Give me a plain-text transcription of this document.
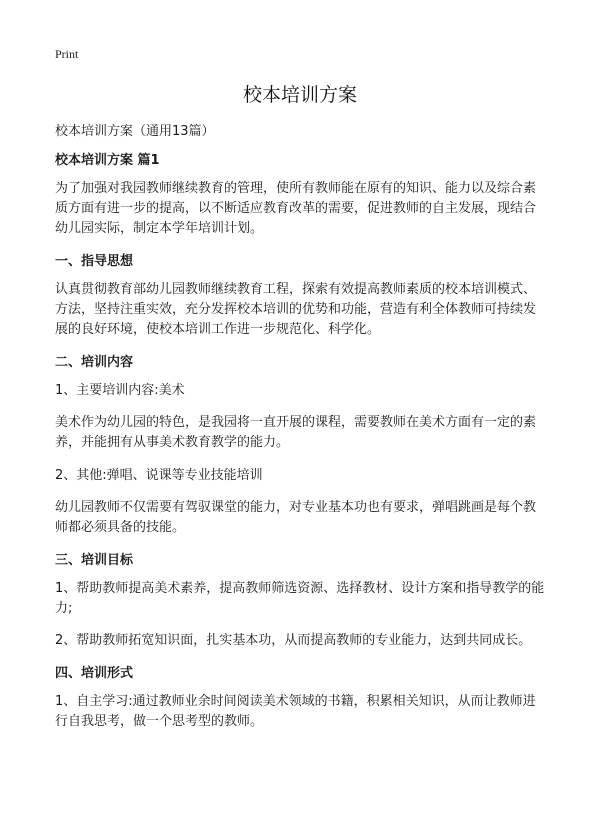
Print
校本培训方案

校本培训方案（通用13篇）

校本培训方案 篇1

为了加强对我园教师继续教育的管理，使所有教师能在原有的知识、能力以及综合素质方面有进一步的提高，以不断适应教育改革的需要，促进教师的自主发展，现结合幼儿园实际，制定本学年培训计划。

一、指导思想

认真贯彻教育部幼儿园教师继续教育工程，探索有效提高教师素质的校本培训模式、方法，坚持注重实效，充分发挥校本培训的优势和功能，营造有利全体教师可持续发展的良好环境，使校本培训工作进一步规范化、科学化。

二、培训内容

1、主要培训内容:美术

美术作为幼儿园的特色，是我园将一直开展的课程，需要教师在美术方面有一定的素养，并能拥有从事美术教育教学的能力。

2、其他:弹唱、说课等专业技能培训

幼儿园教师不仅需要有驾驭课堂的能力，对专业基本功也有要求，弹唱跳画是每个教师都必须具备的技能。

三、培训目标

1、帮助教师提高美术素养，提高教师筛选资源、选择教材、设计方案和指导教学的能力;

2、帮助教师拓宽知识面，扎实基本功，从而提高教师的专业能力，达到共同成长。

四、培训形式

1、自主学习:通过教师业余时间阅读美术领域的书籍，积累相关知识，从而让教师进行自我思考，做一个思考型的教师。
